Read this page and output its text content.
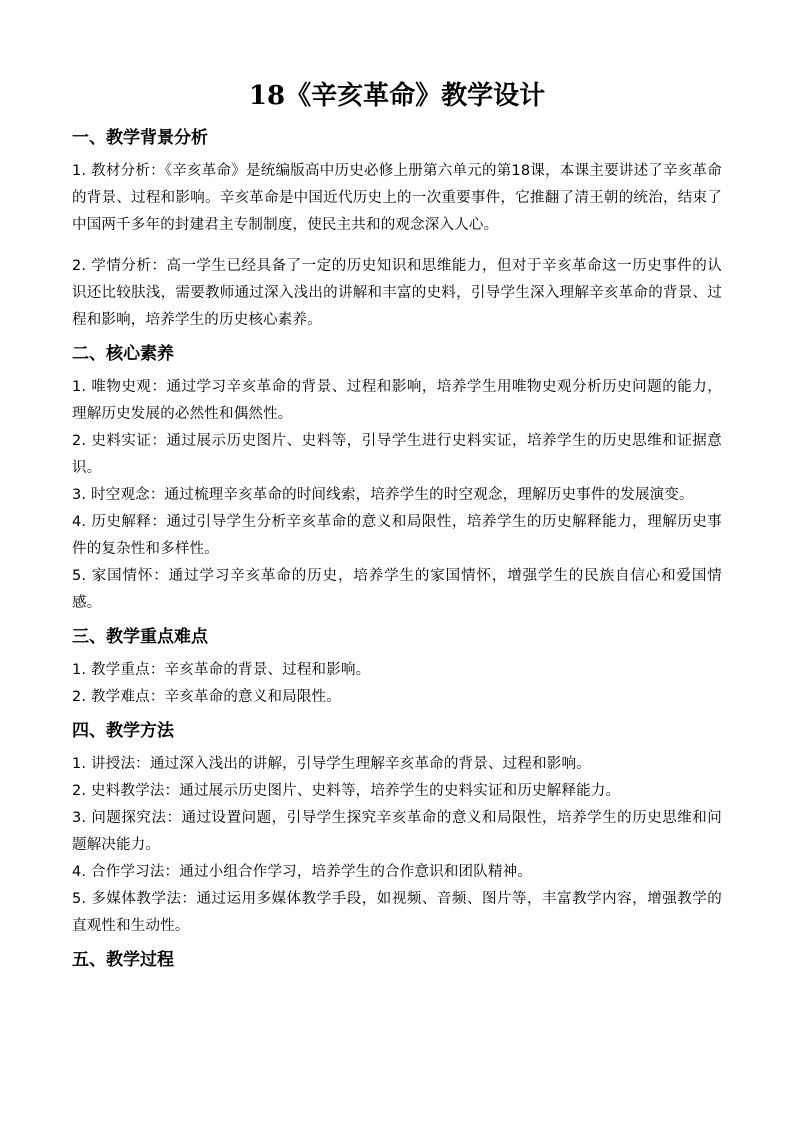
18《辛亥革命》教学设计
一、教学背景分析

1. 教材分析：《辛亥革命》是统编版高中历史必修上册第六单元的第18课，本课主要讲述了辛亥革命的背景、过程和影响。辛亥革命是中国近代历史上的一次重要事件，它推翻了清王朝的统治，结束了中国两千多年的封建君主专制制度，使民主共和的观念深入人心。

2. 学情分析：高一学生已经具备了一定的历史知识和思维能力，但对于辛亥革命这一历史事件的认识还比较肤浅，需要教师通过深入浅出的讲解和丰富的史料，引导学生深入理解辛亥革命的背景、过程和影响，培养学生的历史核心素养。

二、核心素养

1. 唯物史观：通过学习辛亥革命的背景、过程和影响，培养学生用唯物史观分析历史问题的能力，理解历史发展的必然性和偶然性。

2. 史料实证：通过展示历史图片、史料等，引导学生进行史料实证，培养学生的历史思维和证据意识。

3. 时空观念：通过梳理辛亥革命的时间线索，培养学生的时空观念，理解历史事件的发展演变。

4. 历史解释：通过引导学生分析辛亥革命的意义和局限性，培养学生的历史解释能力，理解历史事件的复杂性和多样性。

5. 家国情怀：通过学习辛亥革命的历史，培养学生的家国情怀，增强学生的民族自信心和爱国情感。

三、教学重点难点

1. 教学重点：辛亥革命的背景、过程和影响。

2. 教学难点：辛亥革命的意义和局限性。

四、教学方法

1. 讲授法：通过深入浅出的讲解，引导学生理解辛亥革命的背景、过程和影响。

2. 史料教学法：通过展示历史图片、史料等，培养学生的史料实证和历史解释能力。

3. 问题探究法：通过设置问题，引导学生探究辛亥革命的意义和局限性，培养学生的历史思维和问题解决能力。

4. 合作学习法：通过小组合作学习，培养学生的合作意识和团队精神。

5. 多媒体教学法：通过运用多媒体教学手段，如视频、音频、图片等，丰富教学内容，增强教学的直观性和生动性。

五、教学过程
